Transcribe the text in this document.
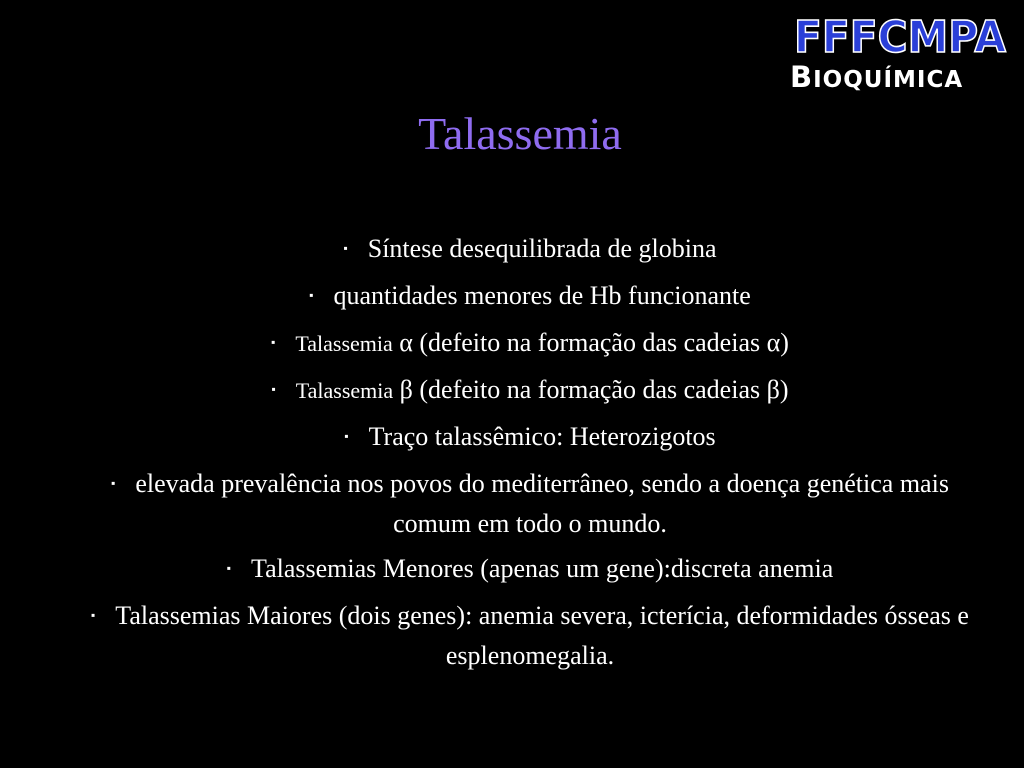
FFFCMPA
BIOQUÍMICA
Talassemia
▪ Síntese desequilibrada de globina
▪ quantidades menores de Hb funcionante
▪ Talassemia α (defeito na formação das cadeias α)
▪ Talassemia β (defeito na formação das cadeias β)
▪ Traço talassêmico: Heterozigotos
▪ elevada prevalência nos povos do mediterrâneo, sendo a doença genética mais comum em todo o mundo.
▪ Talassemias Menores (apenas um gene):discreta anemia
▪ Talassemias Maiores (dois genes): anemia severa, icterícia, deformidades ósseas e esplenomegalia.
